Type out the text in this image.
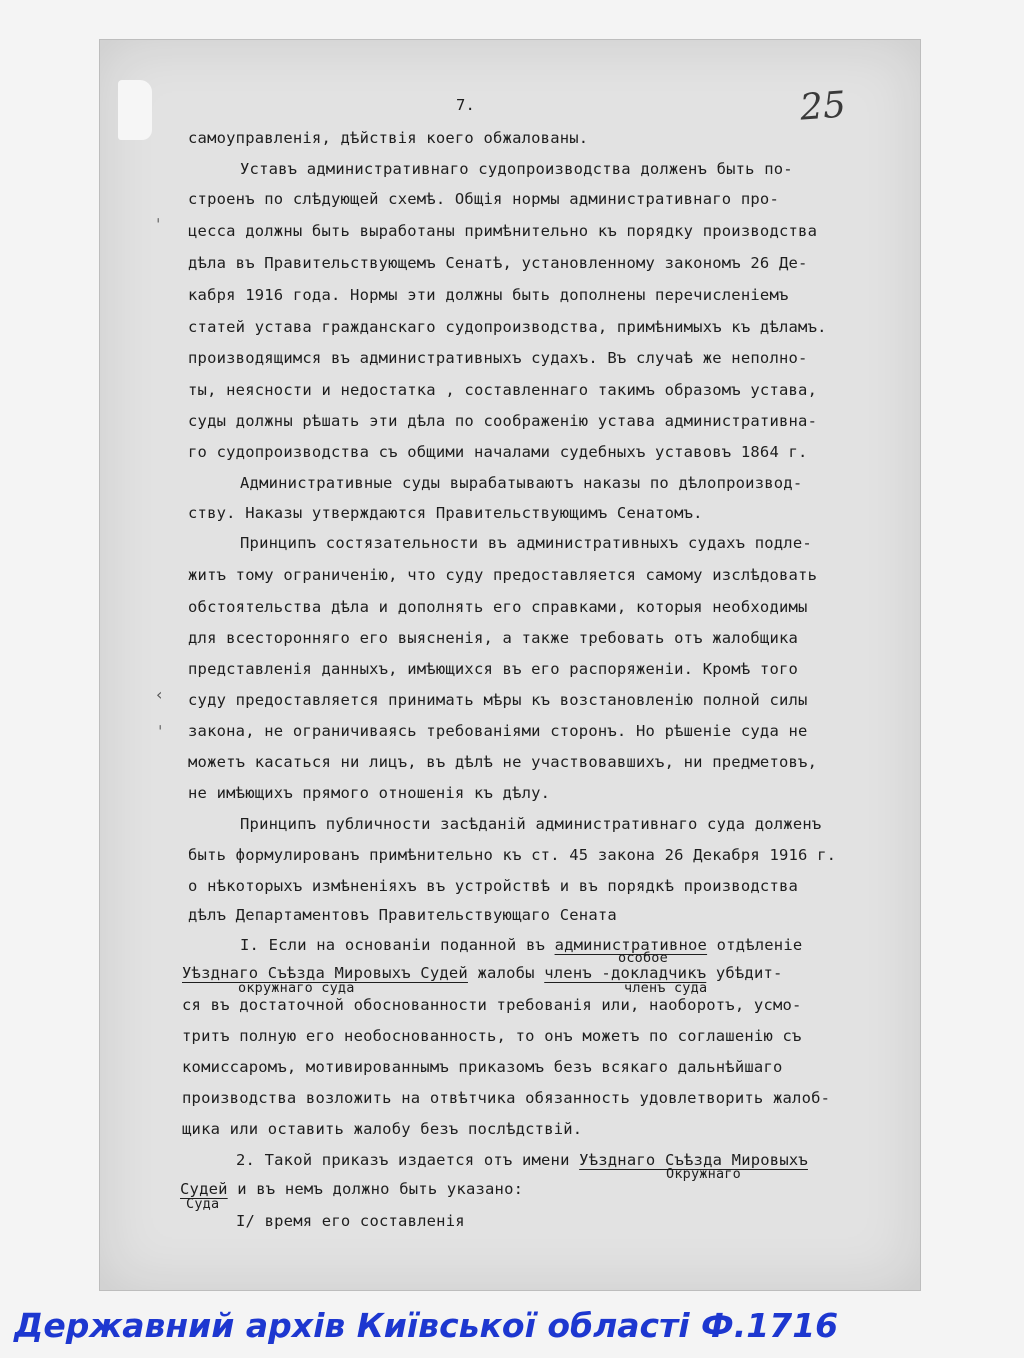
7.	25
самоуправленія, дѣйствія коего обжалованы.
Уставъ административнаго судопроизводства долженъ быть по-
строенъ по слѣдующей схемѣ. Общія нормы административнаго про-
цесса должны быть выработаны примѣнительно къ порядку производства
дѣла въ Правительствующемъ Сенатѣ, установленному закономъ 26 Де-
кабря 1916 года. Нормы эти должны быть дополнены перечисленіемъ
статей устава гражданскаго судопроизводства, примѣнимыхъ къ дѣламъ.
производящимся въ административныхъ судахъ. Въ случаѣ же неполно-
ты, неясности и недостатка , составленнаго такимъ образомъ устава,
суды должны рѣшать эти дѣла по соображенію устава административна-
го судопроизводства съ общими началами судебныхъ уставовъ 1864 г.
Административные суды вырабатываютъ наказы по дѣлопроизвод-
ству. Наказы утверждаются Правительствующимъ Сенатомъ.
Принципъ состязательности въ административныхъ судахъ подле-
житъ тому ограниченію, что суду предоставляется самому изслѣдовать
обстоятельства дѣла и дополнять его справками, которыя необходимы
для всесторонняго его выясненія, а также требовать отъ жалобщика
представленія данныхъ, имѣющихся въ его распоряженіи. Кромѣ того
суду предоставляется принимать мѣры къ возстановленію полной силы
закона, не ограничиваясь требованіями сторонъ. Но рѣшеніе суда не
можетъ касаться ни лицъ, въ дѣлѣ не участвовавшихъ, ни предметовъ,
не имѣющихъ прямого отношенія къ дѣлу.
Принципъ публичности засѣданій административнаго суда долженъ
быть формулированъ примѣнительно къ ст. 45 закона 26 Декабря 1916 г.
о нѣкоторыхъ измѣненіяхъ въ устройствѣ и въ порядкѣ производства
дѣлъ Департаментовъ Правительствующаго Сената
I. Если на основаніи поданной въ административное отдѣленіе
особое
Уѣзднаго Съѣзда Мировыхъ Судей жалобы членъ -докладчикъ убѣдит-
окружнаго суда	членъ суда
ся въ достаточной обоснованности требованія или, наоборотъ, усмо-
тритъ полную его необоснованность, то онъ можетъ по соглашенію съ
комиссаромъ, мотивированнымъ приказомъ безъ всякаго дальнѣйшаго
производства возложить на отвѣтчика обязанность удовлетворить жалоб-
щика или оставить жалобу безъ послѣдствій.
2. Такой приказъ издается отъ имени Уѣзднаго Съѣзда Мировыхъ
Окружнаго
Судей и въ немъ должно быть указано:
Суда
I/ время его составленія
ˌ
‹
ˌ
Державний архів Київської області Ф.1716
